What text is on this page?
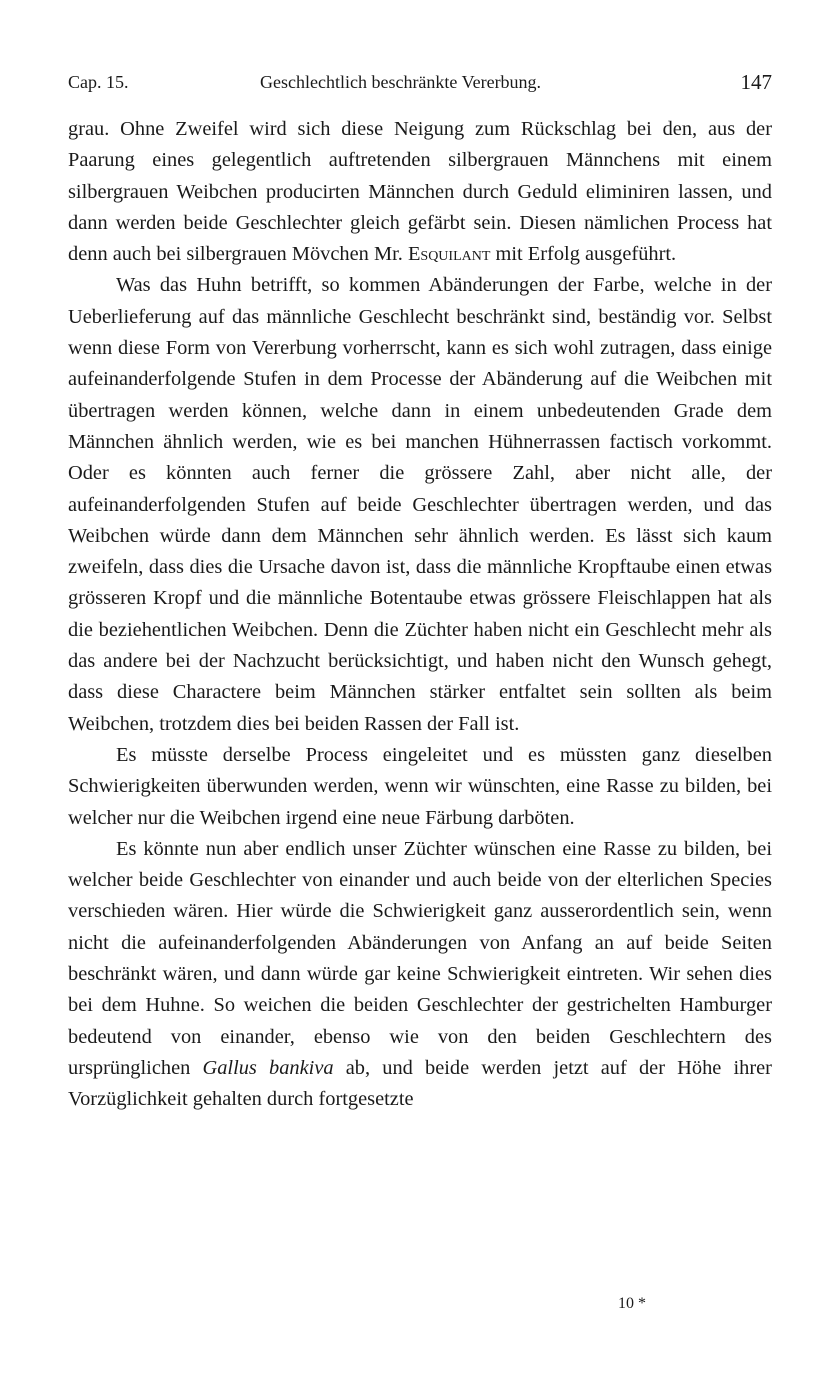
Cap. 15.	Geschlechtlich beschränkte Vererbung.	147

grau. Ohne Zweifel wird sich diese Neigung zum Rückschlag bei den, aus der Paarung eines gelegentlich auftretenden silbergrauen Männchens mit einem silbergrauen Weibchen producirten Männchen durch Geduld eliminiren lassen, und dann werden beide Geschlechter gleich gefärbt sein. Diesen nämlichen Process hat denn auch bei silbergrauen Mövchen Mr. Esquilant mit Erfolg ausgeführt.

Was das Huhn betrifft, so kommen Abänderungen der Farbe, welche in der Ueberlieferung auf das männliche Geschlecht beschränkt sind, beständig vor. Selbst wenn diese Form von Vererbung vorherrscht, kann es sich wohl zutragen, dass einige aufeinanderfolgende Stufen in dem Processe der Abänderung auf die Weibchen mit übertragen werden können, welche dann in einem unbedeutenden Grade dem Männchen ähnlich werden, wie es bei manchen Hühnerrassen factisch vorkommt. Oder es könnten auch ferner die grössere Zahl, aber nicht alle, der aufeinanderfolgenden Stufen auf beide Geschlechter übertragen werden, und das Weibchen würde dann dem Männchen sehr ähnlich werden. Es lässt sich kaum zweifeln, dass dies die Ursache davon ist, dass die männliche Kropftaube einen etwas grösseren Kropf und die männliche Botentaube etwas grössere Fleischlappen hat als die beziehentlichen Weibchen. Denn die Züchter haben nicht ein Geschlecht mehr als das andere bei der Nachzucht berücksichtigt, und haben nicht den Wunsch gehegt, dass diese Charactere beim Männchen stärker entfaltet sein sollten als beim Weibchen, trotzdem dies bei beiden Rassen der Fall ist.

Es müsste derselbe Process eingeleitet und es müssten ganz dieselben Schwierigkeiten überwunden werden, wenn wir wünschten, eine Rasse zu bilden, bei welcher nur die Weibchen irgend eine neue Färbung darböten.

Es könnte nun aber endlich unser Züchter wünschen eine Rasse zu bilden, bei welcher beide Geschlechter von einander und auch beide von der elterlichen Species verschieden wären. Hier würde die Schwierigkeit ganz ausserordentlich sein, wenn nicht die aufeinanderfolgenden Abänderungen von Anfang an auf beide Seiten beschränkt wären, und dann würde gar keine Schwierigkeit eintreten. Wir sehen dies bei dem Huhne. So weichen die beiden Geschlechter der gestrichelten Hamburger bedeutend von einander, ebenso wie von den beiden Geschlechtern des ursprünglichen Gallus bankiva ab, und beide werden jetzt auf der Höhe ihrer Vorzüglichkeit gehalten durch fortgesetzte

10 *
